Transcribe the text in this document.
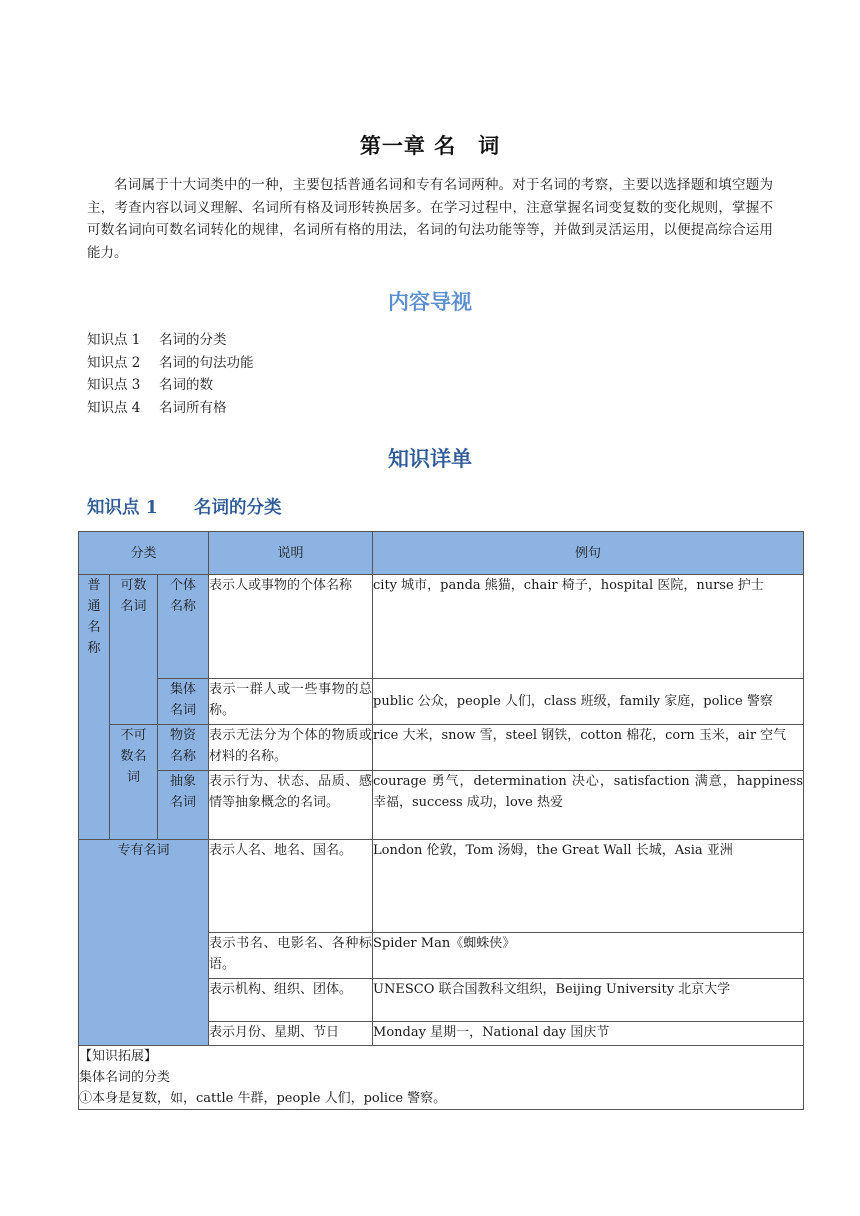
第一章 名　词

名词属于十大词类中的一种，主要包括普通名词和专有名词两种。对于名词的考察，主要以选择题和填空题为主，考查内容以词义理解、名词所有格及词形转换居多。在学习过程中，注意掌握名词变复数的变化规则，掌握不可数名词向可数名词转化的规律，名词所有格的用法，名词的句法功能等等，并做到灵活运用，以便提高综合运用能力。

内容导视
知识点 1 名词的分类
知识点 2 名词的句法功能
知识点 3 名词的数
知识点 4 名词所有格
知识详单
知识点 1 名词的分类
分类			说明	例句
普通名称	可数名词	个体名称	表示人或事物的个体名称	city 城市，panda 熊猫，chair 椅子，hospital 医院，nurse 护士
		集体名词	表示一群人或一些事物的总称。	public 公众，people 人们，class 班级，family 家庭，police 警察
	不可数名词	物资名称	表示无法分为个体的物质或材料的名称。	rice 大米，snow 雪，steel 钢铁，cotton 棉花，corn 玉米，air 空气
		抽象名词	表示行为、状态、品质、感情等抽象概念的名词。	courage 勇气，determination 决心，satisfaction 满意，happiness 幸福，success 成功，love 热爱
专有名词			表示人名、地名、国名。	London 伦敦，Tom 汤姆，the Great Wall 长城，Asia 亚洲
			表示书名、电影名、各种标语。	Spider Man《蜘蛛侠》
			表示机构、组织、团体。	UNESCO 联合国教科文组织，Beijing University 北京大学
			表示月份、星期、节日	Monday 星期一，National day 国庆节

【知识拓展】
集体名词的分类
①本身是复数，如，cattle 牛群，people 人们，police 警察。				
